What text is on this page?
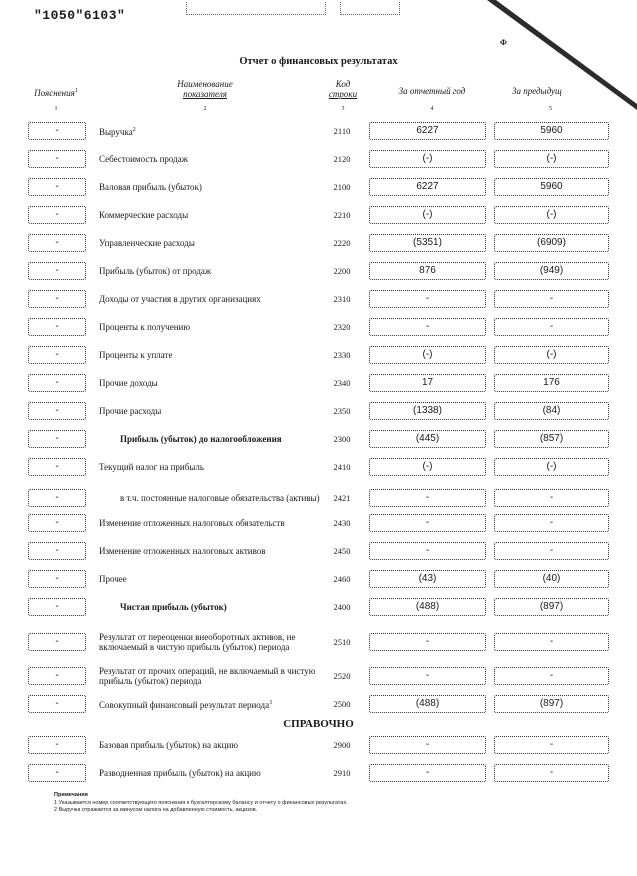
"1050"6103"
Ф
Отчет о финансовых результатах
Пояснения$^1$
Наименование
показателя
Код
строки	За отчетный год	За предыдущ
1	2	3	4	5
-	Выручка$^2$	2110	6227	5960
-	Себестоимость продаж	2120	(-)	(-)
-	Валовая прибыль (убыток)	2100	6227	5960
-	Коммерческие расходы	2210	(-)	(-)
-	Управленческие расходы	2220	(5351)	(6909)
-	Прибыль (убыток) от продаж	2200	876	(949)
-	Доходы от участия в других организациях	2310	-	-
-	Проценты к получению	2320	-	-
-	Проценты к уплате	2330	(-)	(-)
-	Прочие доходы	2340	17	176
-	Прочие расходы	2350	(1338)	(84)
-	Прибыль (убыток) до налогообложения	2300	(445)	(857)
-	Текущий налог на прибыль	2410	(-)	(-)
-	в т.ч. постоянные налоговые обязательства (активы)	2421	-	-
-	Изменение отложенных налоговых обязательств	2430	-	-
-	Изменение отложенных налоговых активов	2450	-	-
-	Прочее	2460	(43)	(40)
-	Чистая прибыль (убыток)	2400	(488)	(897)
-	Результат от переоценки внеоборотных активов, не включаемый в чистую прибыль (убыток) периода	2510	-	-
-	Результат от прочих операций, не включаемый в чистую прибыль (убыток) периода	2520	-	-
-	Совокупный финансовый результат периода$^3$	2500	(488)	(897)
-	Базовая прибыль (убыток) на акцию	2900	-	-
-	Разводненная прибыль (убыток) на акцию	2910	-	-
СПРАВОЧНО
Примечания
1 Указывается номер соответствующего пояснения к бухгалтерскому балансу и отчету о финансовых результатах.
2 Выручка отражается за минусом налога на добавленную стоимость, акцизов.
